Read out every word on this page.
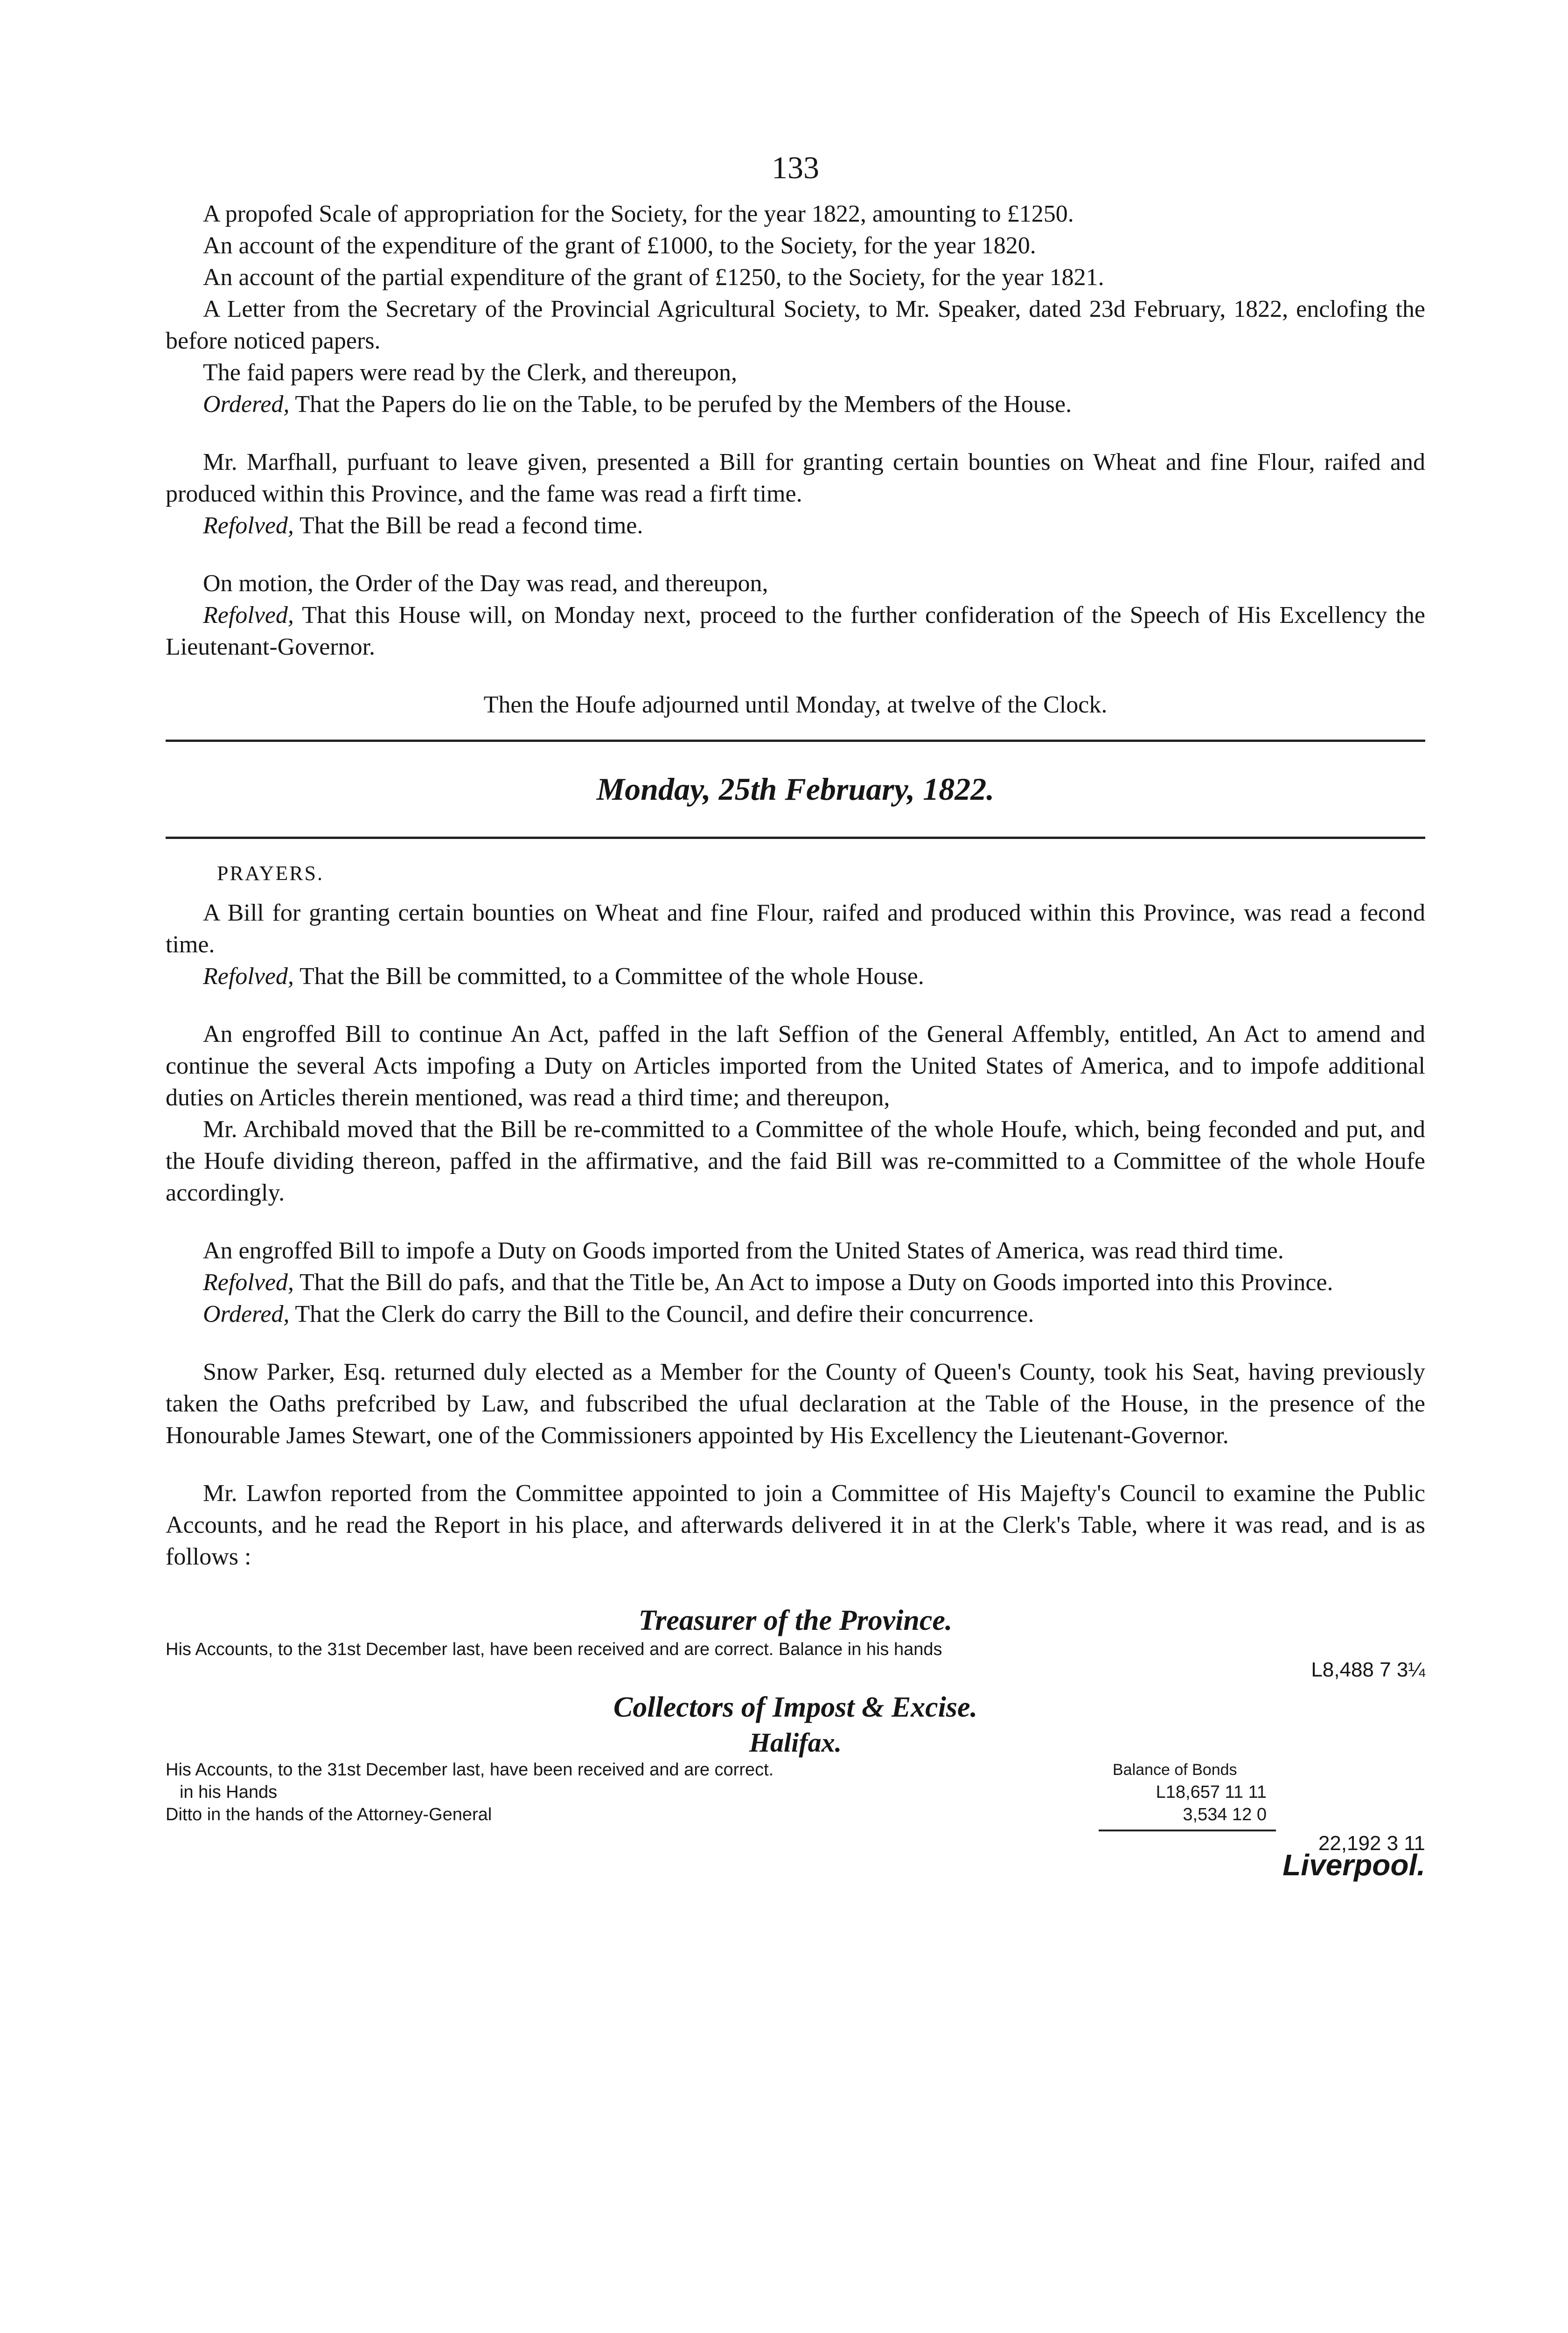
133

A propofed Scale of appropriation for the Society, for the year 1822, amounting to £1250.

An account of the expenditure of the grant of £1000, to the Society, for the year 1820.

An account of the partial expenditure of the grant of £1250, to the Society, for the year 1821.

A Letter from the Secretary of the Provincial Agricultural Society, to Mr. Speaker, dated 23d February, 1822, enclofing the before noticed papers.

The faid papers were read by the Clerk, and thereupon,

Ordered, That the Papers do lie on the Table, to be perufed by the Members of the House.

Mr. Marfhall, purfuant to leave given, presented a Bill for granting certain bounties on Wheat and fine Flour, raifed and produced within this Province, and the fame was read a firft time.

Refolved, That the Bill be read a fecond time.

On motion, the Order of the Day was read, and thereupon,

Refolved, That this House will, on Monday next, proceed to the further confideration of the Speech of His Excellency the Lieutenant-Governor.

Then the Houfe adjourned until Monday, at twelve of the Clock.

Monday, 25th February, 1822.
PRAYERS.

A Bill for granting certain bounties on Wheat and fine Flour, raifed and produced within this Province, was read a fecond time.

Refolved, That the Bill be committed, to a Committee of the whole House.

An engroffed Bill to continue An Act, paffed in the laft Seffion of the General Affembly, entitled, An Act to amend and continue the several Acts impofing a Duty on Articles imported from the United States of America, and to impofe additional duties on Articles therein mentioned, was read a third time; and thereupon,

Mr. Archibald moved that the Bill be re-committed to a Committee of the whole Houfe, which, being feconded and put, and the Houfe dividing thereon, paffed in the affirmative, and the faid Bill was re-committed to a Committee of the whole Houfe accordingly.

An engroffed Bill to impofe a Duty on Goods imported from the United States of America, was read third time.

Refolved, That the Bill do pafs, and that the Title be, An Act to impose a Duty on Goods imported into this Province.

Ordered, That the Clerk do carry the Bill to the Council, and defire their concurrence.

Snow Parker, Esq. returned duly elected as a Member for the County of Queen's County, took his Seat, having previously taken the Oaths prefcribed by Law, and fubscribed the ufual declaration at the Table of the House, in the presence of the Honourable James Stewart, one of the Commissioners appointed by His Excellency the Lieutenant-Governor.

Mr. Lawfon reported from the Committee appointed to join a Committee of His Majefty's Council to examine the Public Accounts, and he read the Report in his place, and afterwards delivered it in at the Clerk's Table, where it was read, and is as follows :

Treasurer of the Province.
His Accounts, to the 31st December last, have been received and are correct. Balance in his hands
L8,488 7 3¼
Collectors of Impost & Excise.
Halifax.
His Accounts, to the 31st December last, have been received and are correct.	Balance of Bonds
in his Hands	L18,657 11 11
Ditto in the hands of the Attorney-General	3,534 12 0
22,192 3 11
Liverpool.
